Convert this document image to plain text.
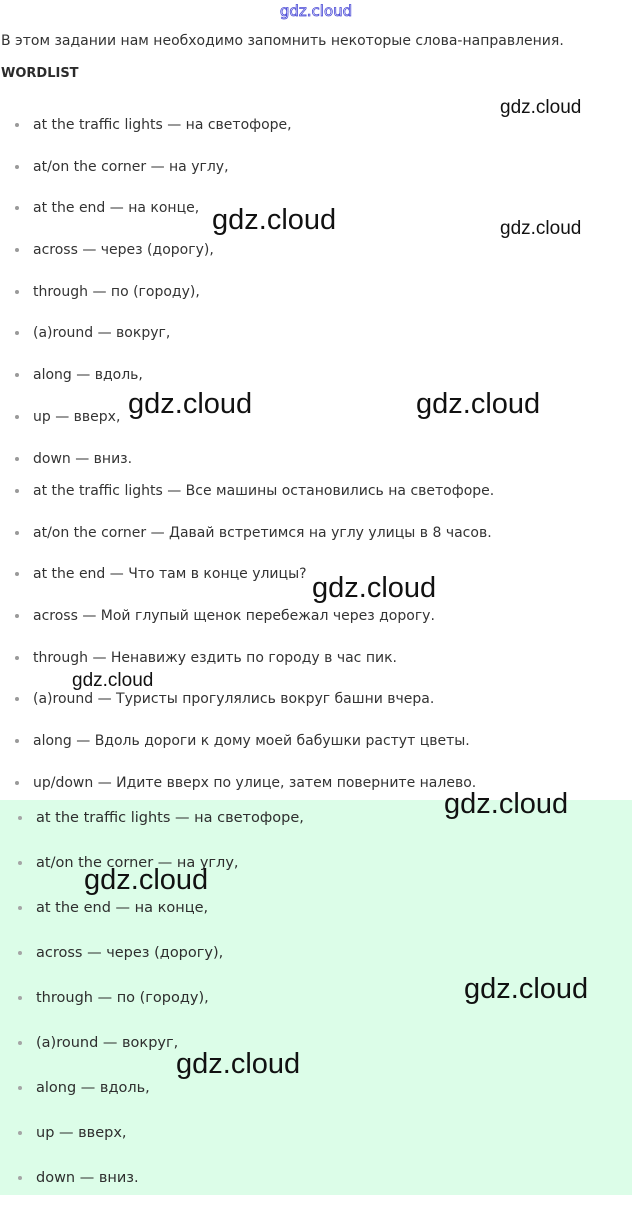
gdz.cloud
В этом задании нам необходимо запомнить некоторые слова-направления.
WORDLIST
at the traffic lights — на светофоре,
at/on the corner — на углу,
at the end — на конце,
across — через (дорогу),
through — по (городу),
(a)round — вокруг,
along — вдоль,
up — вверх,
down — вниз.
at the traffic lights — Все машины остановились на светофоре.
at/on the corner — Давай встретимся на углу улицы в 8 часов.
at the end — Что там в конце улицы?
across — Мой глупый щенок перебежал через дорогу.
through — Ненавижу ездить по городу в час пик.
(a)round — Туристы прогулялись вокруг башни вчера.
along — Вдоль дороги к дому моей бабушки растут цветы.
up/down — Идите вверх по улице, затем поверните налево.
at the traffic lights — на светофоре,
at/on the corner — на углу,
at the end — на конце,
across — через (дорогу),
through — по (городу),
(a)round — вокруг,
along — вдоль,
up — вверх,
down — вниз.
gdz.cloud
gdz.cloud	gdz.cloud
gdz.cloud	gdz.cloud
gdz.cloud
gdz.cloud
gdz.cloud
gdz.cloud
gdz.cloud
gdz.cloud
